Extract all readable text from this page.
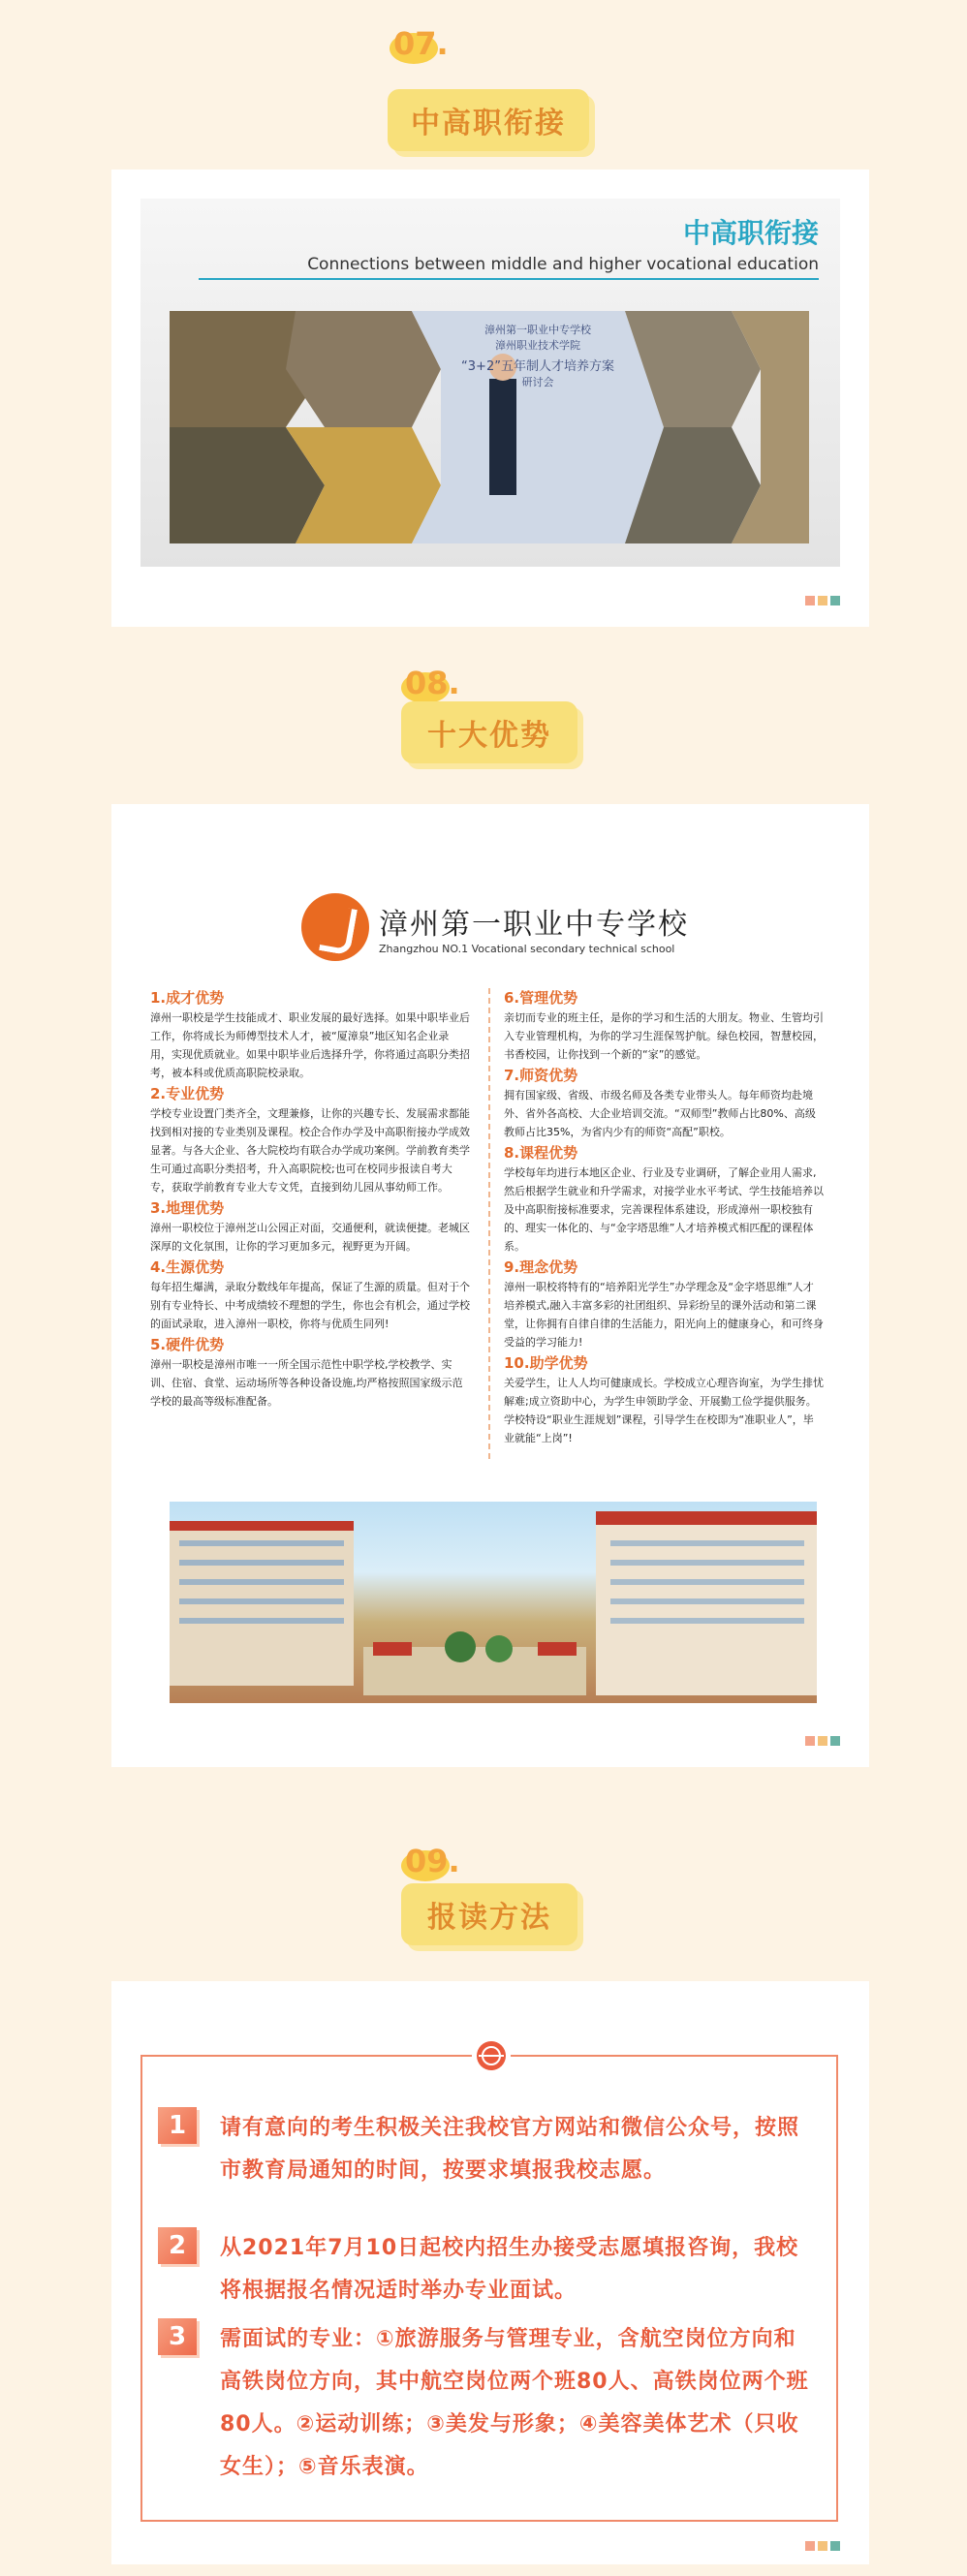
07.
中高职衔接
中高职衔接
Connections between middle and higher vocational education
漳州第一职业中专学校
漳州职业技术学院
“3+2”五年制人才培养方案
研讨会
08.
十大优势
漳州第一职业中专学校
Zhangzhou NO.1 Vocational secondary technical school
1.成才优势
漳州一职校是学生技能成才、职业发展的最好选择。如果中职毕业后工作，你将成长为师傅型技术人才，被“厦漳泉”地区知名企业录用，实现优质就业。如果中职毕业后选择升学，你将通过高职分类招考，被本科或优质高职院校录取。
2.专业优势
学校专业设置门类齐全，文理兼修，让你的兴趣专长、发展需求都能找到相对接的专业类别及课程。校企合作办学及中高职衔接办学成效显著。与各大企业、各大院校均有联合办学成功案例。学前教育类学生可通过高职分类招考，升入高职院校;也可在校同步报读自考大专，获取学前教育专业大专文凭，直接到幼儿园从事幼师工作。
3.地理优势
漳州一职校位于漳州芝山公园正对面，交通便利，就读便捷。老城区深厚的文化氛围，让你的学习更加多元，视野更为开阔。
4.生源优势
每年招生爆满，录取分数线年年提高，保证了生源的质量。但对于个别有专业特长、中考成绩较不理想的学生，你也会有机会，通过学校的面试录取，进入漳州一职校，你将与优质生同列!
5.硬件优势
漳州一职校是漳州市唯一一所全国示范性中职学校,学校教学、实训、住宿、食堂、运动场所等各种设备设施,均严格按照国家级示范学校的最高等级标准配备。
6.管理优势
亲切而专业的班主任，是你的学习和生活的大朋友。物业、生管均引入专业管理机构，为你的学习生涯保驾护航。绿色校园，智慧校园，书香校园，让你找到一个新的“家”的感觉。
7.师资优势
拥有国家级、省级、市级名师及各类专业带头人。每年师资均赴境外、省外各高校、大企业培训交流。“双师型”教师占比80%、高级教师占比35%，为省内少有的师资“高配”职校。
8.课程优势
学校每年均进行本地区企业、行业及专业调研，了解企业用人需求,然后根据学生就业和升学需求，对接学业水平考试、学生技能培养以及中高职衔接标准要求，完善课程体系建设，形成漳州一职校独有的、理实一体化的、与“金字塔思维”人才培养模式相匹配的课程体系。
9.理念优势
漳州一职校将特有的“培养阳光学生”办学理念及“金字塔思维”人才培养模式,融入丰富多彩的社团组织、异彩纷呈的课外活动和第二课堂，让你拥有自律自律的生活能力，阳光向上的健康身心，和可终身受益的学习能力!
10.助学优势
关爱学生，让人人均可健康成长。学校成立心理咨询室，为学生排忧解难;成立资助中心，为学生申领助学金、开展勤工俭学提供服务。学校特设“职业生涯规划”课程，引导学生在校即为“准职业人”，毕业就能“上岗”!
09.
报读方法
1	请有意向的考生积极关注我校官方网站和微信公众号，按照市教育局通知的时间，按要求填报我校志愿。

2	从2021年7月10日起校内招生办接受志愿填报咨询，我校将根据报名情况适时举办专业面试。

3	需面试的专业：①旅游服务与管理专业，含航空岗位方向和高铁岗位方向，其中航空岗位两个班80人、高铁岗位两个班80人。②运动训练；③美发与形象；④美容美体艺术（只收女生）；⑤音乐表演。
